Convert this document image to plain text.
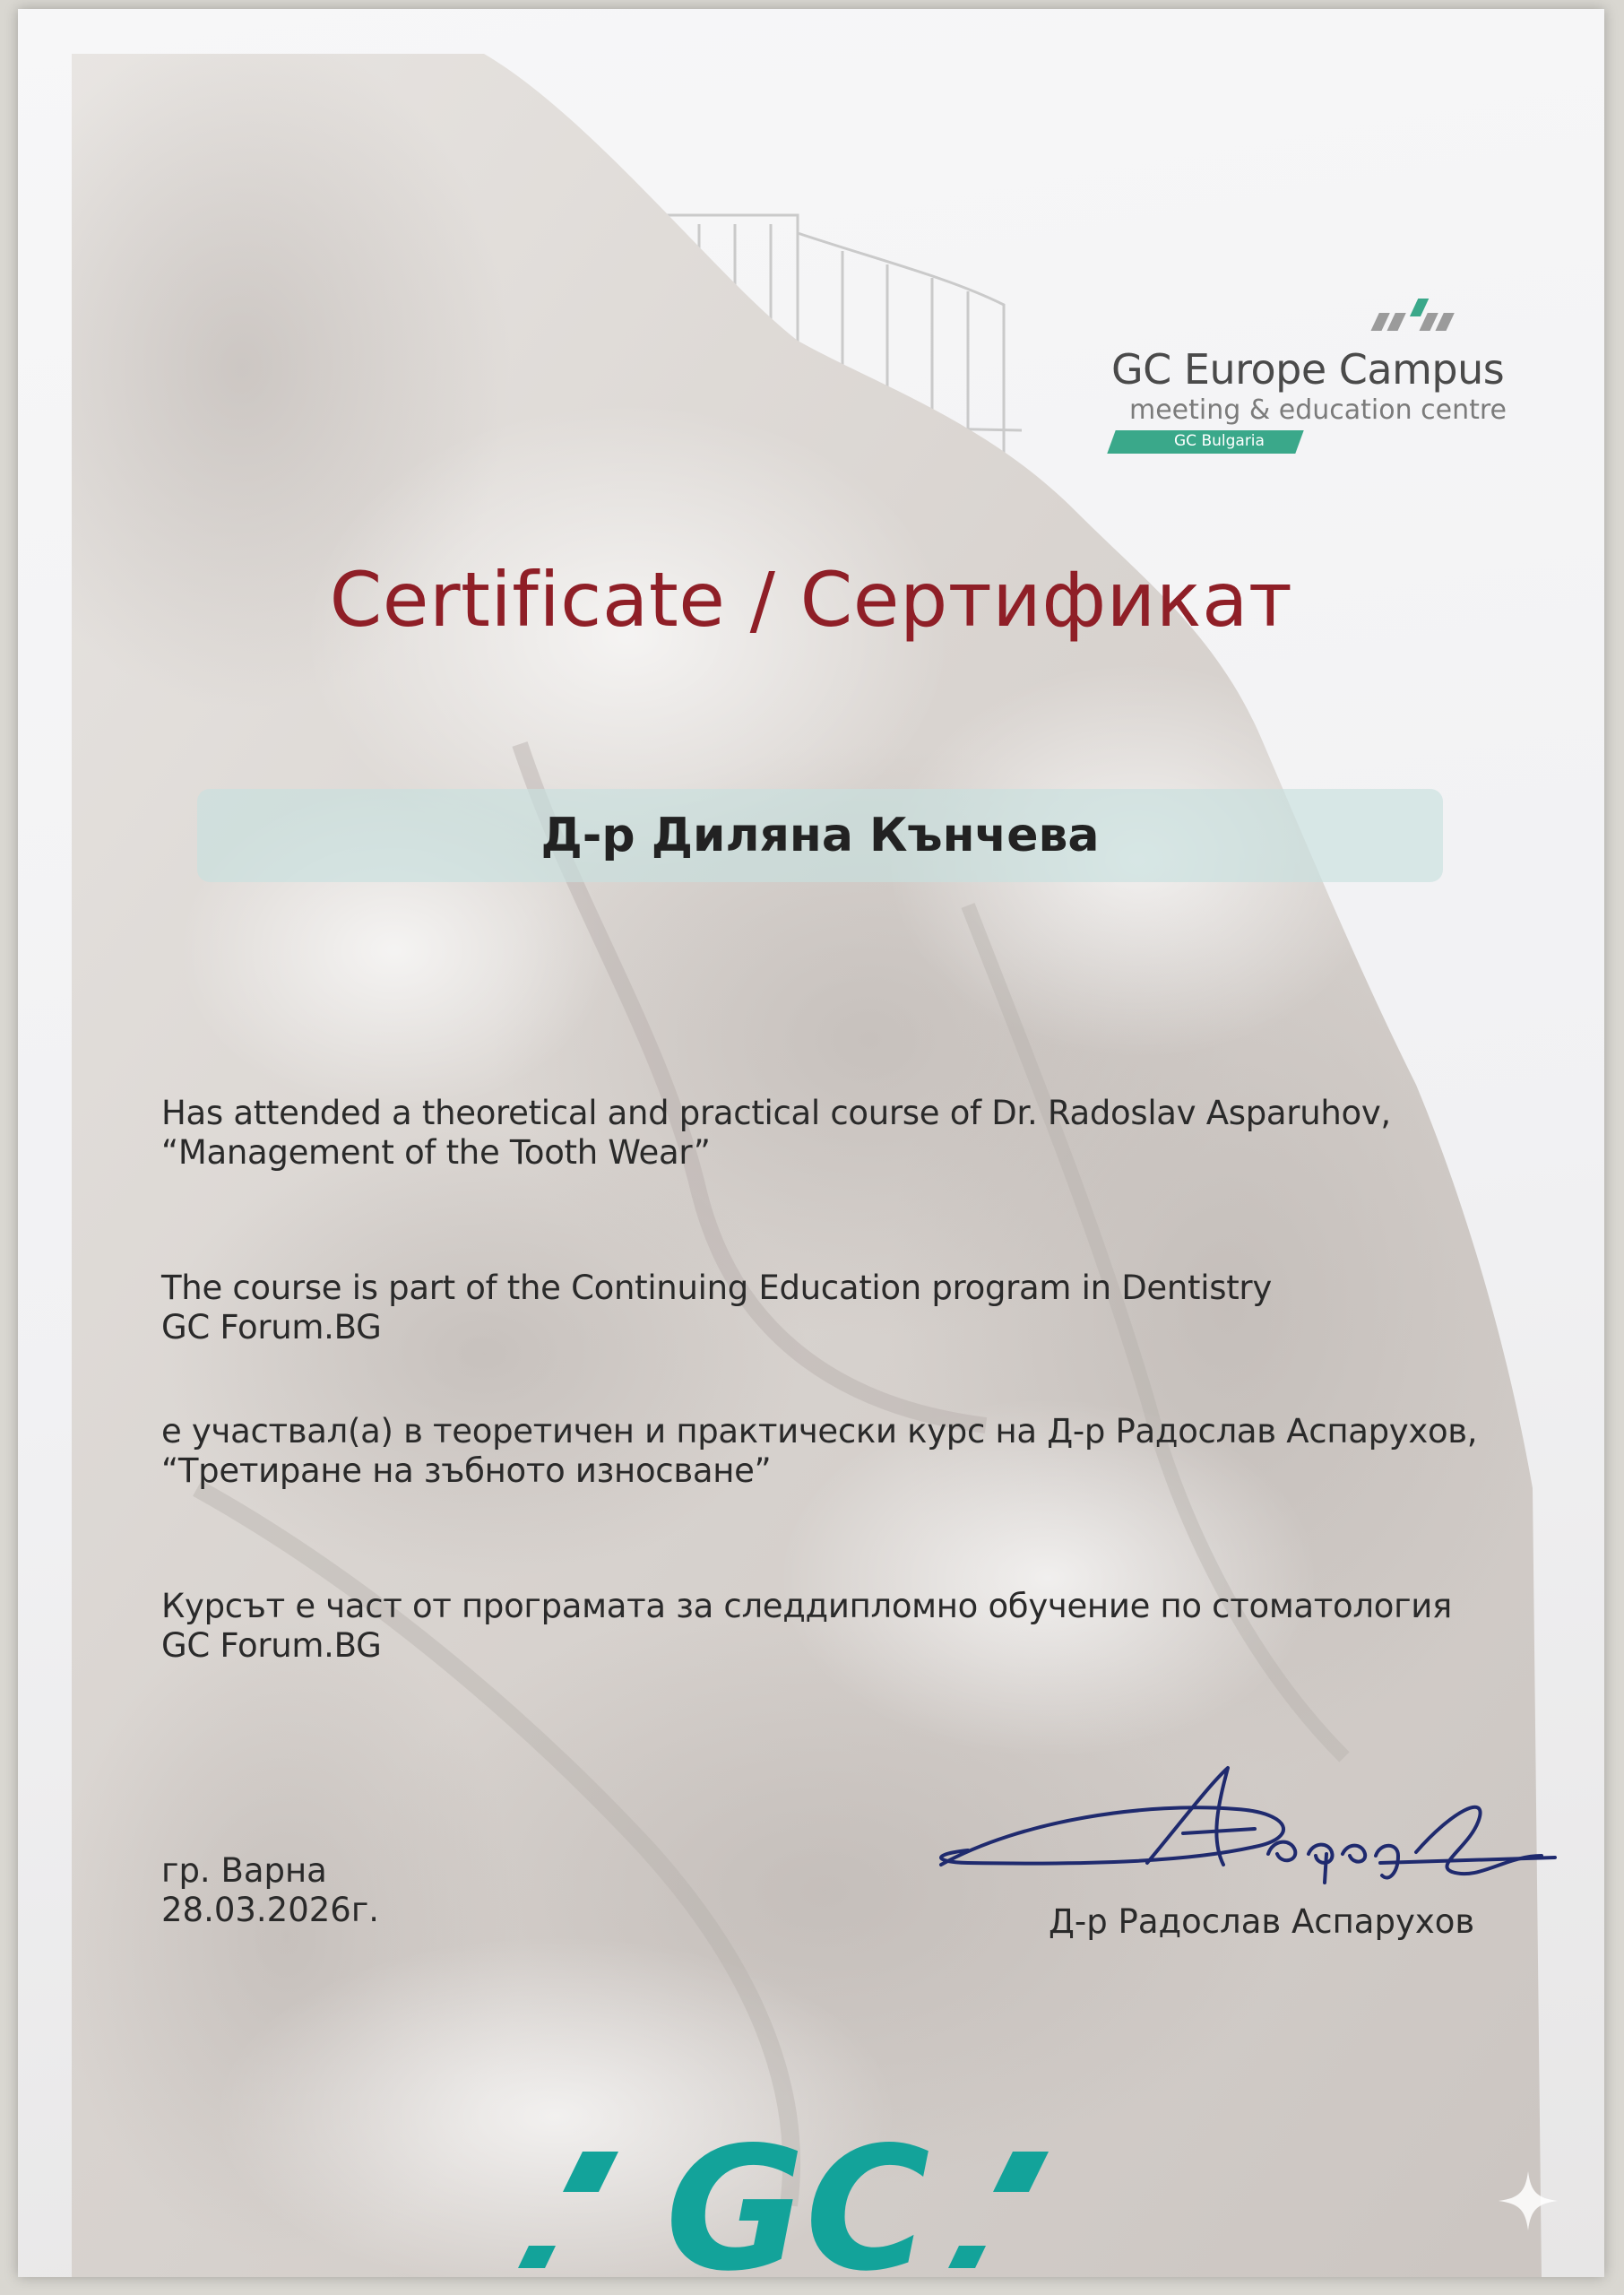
GC Europe Campus
meeting & education centre
GC Bulgaria
Certificate / Сертификат
Д-р Диляна Кънчева
Has attended a theoretical and practical course of Dr. Radoslav Asparuhov,
“Management of the Tooth Wear”
The course is part of the Continuing Education program in Dentistry
GC Forum.BG
е участвал(а) в теоретичен и практически курс на Д-р Радослав Аспарухов,
“Третиране на зъбното износване”
Курсът е част от програмата за следдипломно обучение по стоматология
GC Forum.BG
гр. Варна
28.03.2026г.	Д-р Радослав Аспарухов
GC
